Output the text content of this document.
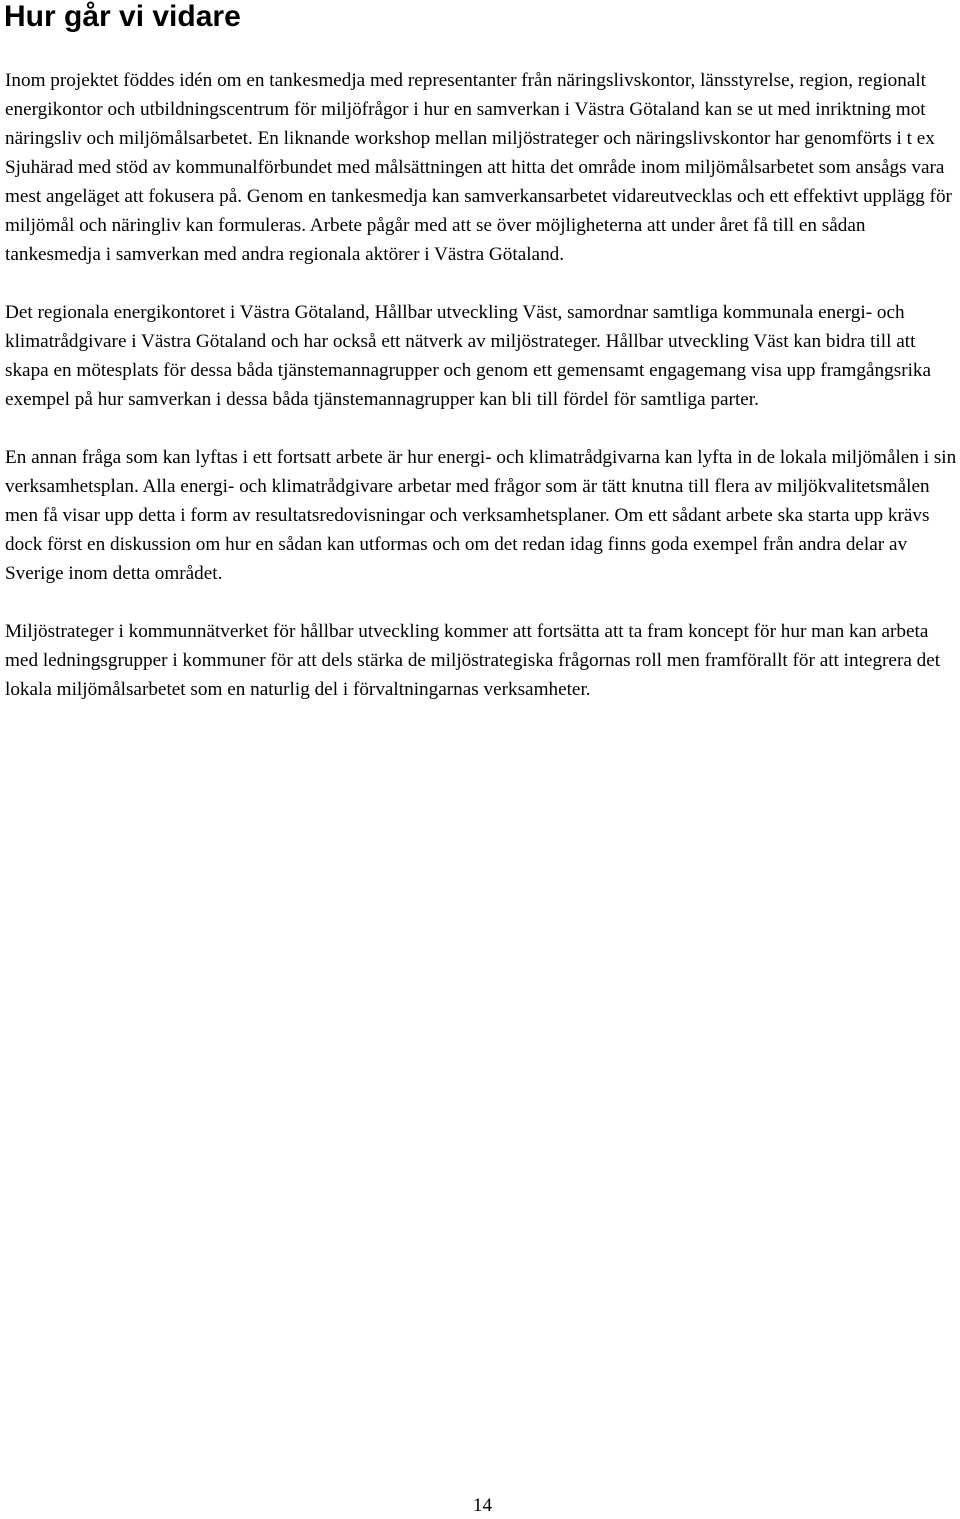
Hur går vi vidare

Inom projektet föddes idén om en tankesmedja med representanter från näringslivskontor, länsstyrelse, region, regionalt energikontor och utbildningscentrum för miljöfrågor i hur en samverkan i Västra Götaland kan se ut med inriktning mot näringsliv och miljömålsarbetet. En liknande workshop mellan miljöstrateger och näringslivskontor har genomförts i t ex Sjuhärad med stöd av kommunalförbundet med målsättningen att hitta det område inom miljömålsarbetet som ansågs vara mest angeläget att fokusera på. Genom en tankesmedja kan samverkansarbetet vidareutvecklas och ett effektivt upplägg för miljömål och näringliv kan formuleras. Arbete pågår med att se över möjligheterna att under året få till en sådan tankesmedja i samverkan med andra regionala aktörer i Västra Götaland.

Det regionala energikontoret i Västra Götaland, Hållbar utveckling Väst, samordnar samtliga kommunala energi- och klimatrådgivare i Västra Götaland och har också ett nätverk av miljöstrateger. Hållbar utveckling Väst kan bidra till att skapa en mötesplats för dessa båda tjänstemannagrupper och genom ett gemensamt engagemang visa upp framgångsrika exempel på hur samverkan i dessa båda tjänstemannagrupper kan bli till fördel för samtliga parter.

En annan fråga som kan lyftas i ett fortsatt arbete är hur energi- och klimatrådgivarna kan lyfta in de lokala miljömålen i sin verksamhetsplan. Alla energi- och klimatrådgivare arbetar med frågor som är tätt knutna till flera av miljökvalitetsmålen men få visar upp detta i form av resultatsredovisningar och verksamhetsplaner. Om ett sådant arbete ska starta upp krävs dock först en diskussion om hur en sådan kan utformas och om det redan idag finns goda exempel från andra delar av Sverige inom detta området.

Miljöstrateger i kommunnätverket för hållbar utveckling kommer att fortsätta att ta fram koncept för hur man kan arbeta med ledningsgrupper i kommuner för att dels stärka de miljöstrategiska frågornas roll men framförallt för att integrera det lokala miljömålsarbetet som en naturlig del i förvaltningarnas verksamheter.

14
